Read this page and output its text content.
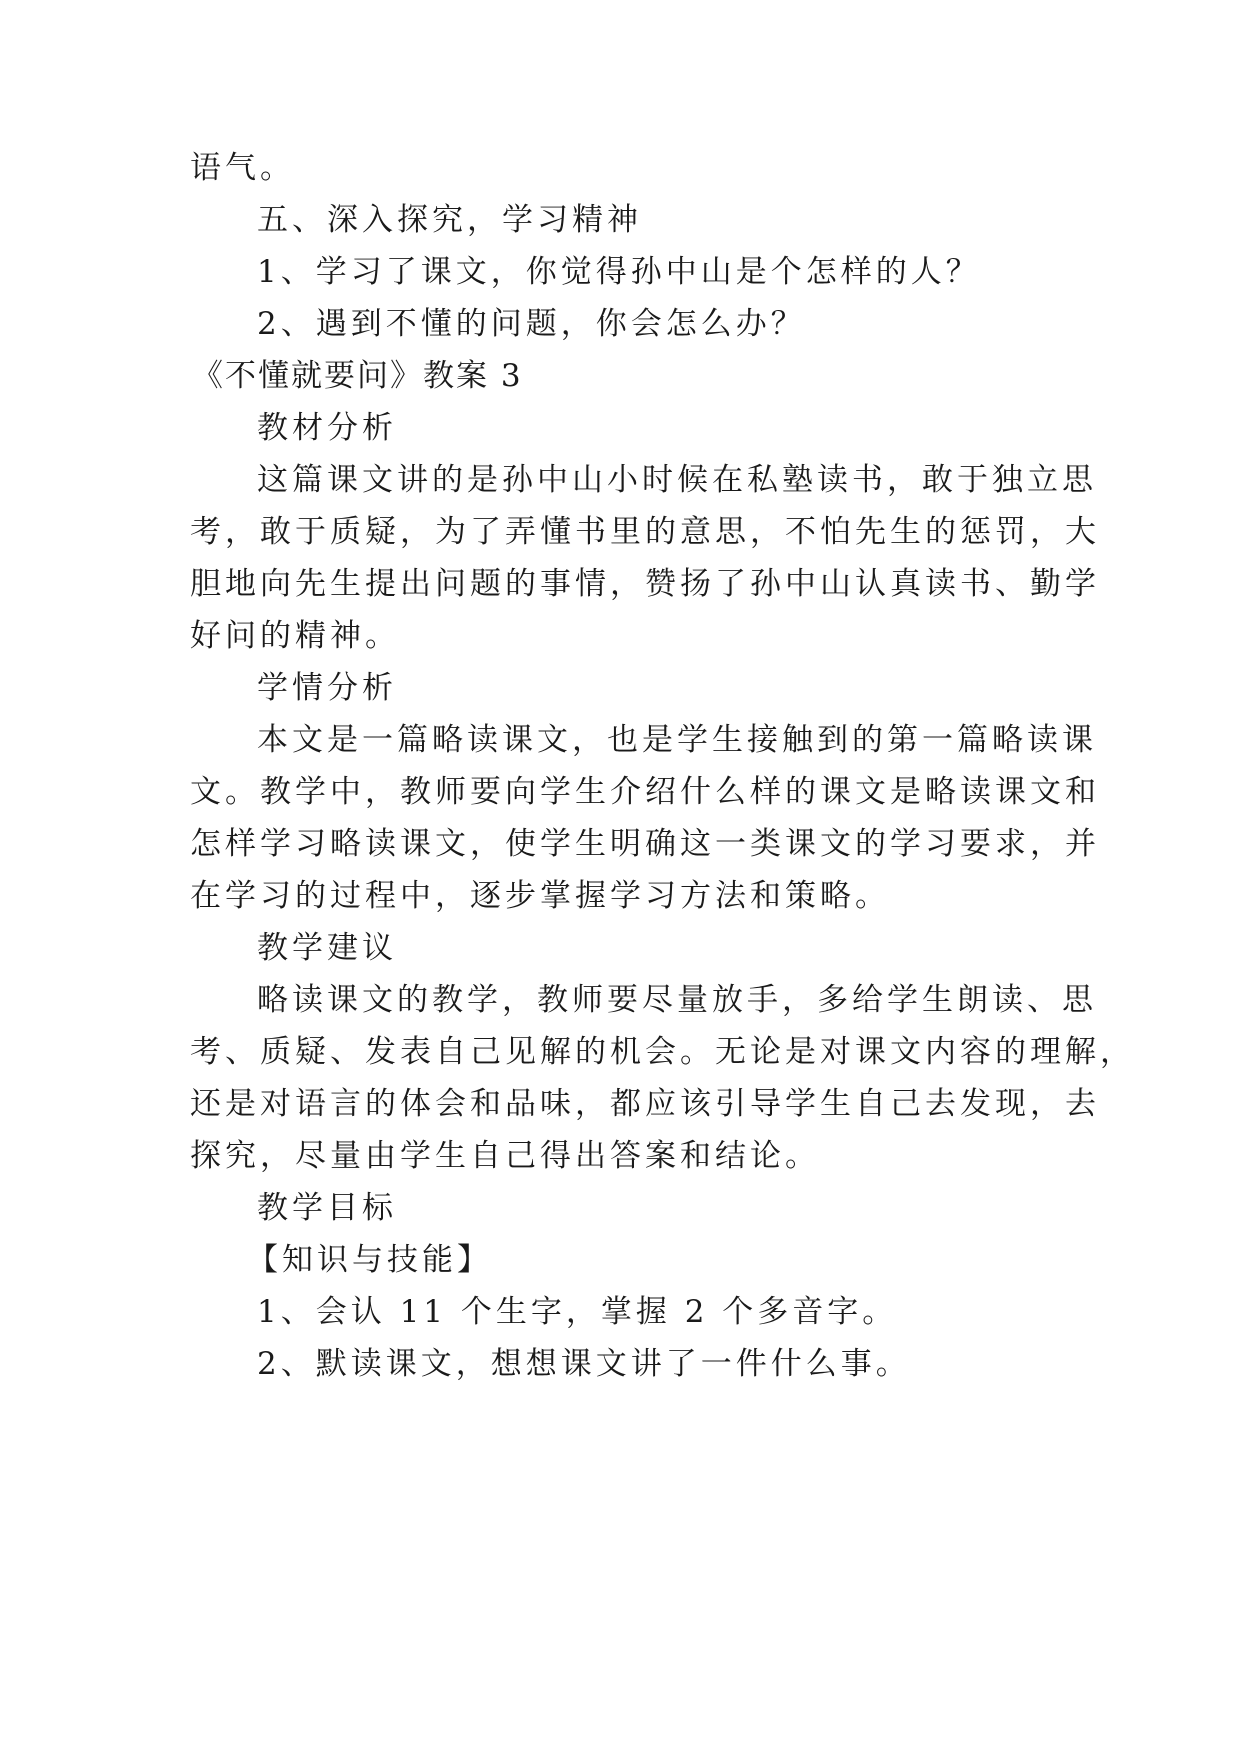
语气。

五、深入探究，学习精神

1、学习了课文，你觉得孙中山是个怎样的人？

2、遇到不懂的问题，你会怎么办？

《不懂就要问》教案 3

教材分析

这篇课文讲的是孙中山小时候在私塾读书，敢于独立思

考，敢于质疑，为了弄懂书里的意思，不怕先生的惩罚，大

胆地向先生提出问题的事情，赞扬了孙中山认真读书、勤学

好问的精神。

学情分析

本文是一篇略读课文，也是学生接触到的第一篇略读课

文。教学中，教师要向学生介绍什么样的课文是略读课文和

怎样学习略读课文，使学生明确这一类课文的学习要求，并

在学习的过程中，逐步掌握学习方法和策略。

教学建议

略读课文的教学，教师要尽量放手，多给学生朗读、思

考、质疑、发表自己见解的机会。无论是对课文内容的理解，

还是对语言的体会和品味，都应该引导学生自己去发现，去

探究，尽量由学生自己得出答案和结论。

教学目标

【知识与技能】

1、会认 11 个生字，掌握 2 个多音字。

2、默读课文，想想课文讲了一件什么事。
